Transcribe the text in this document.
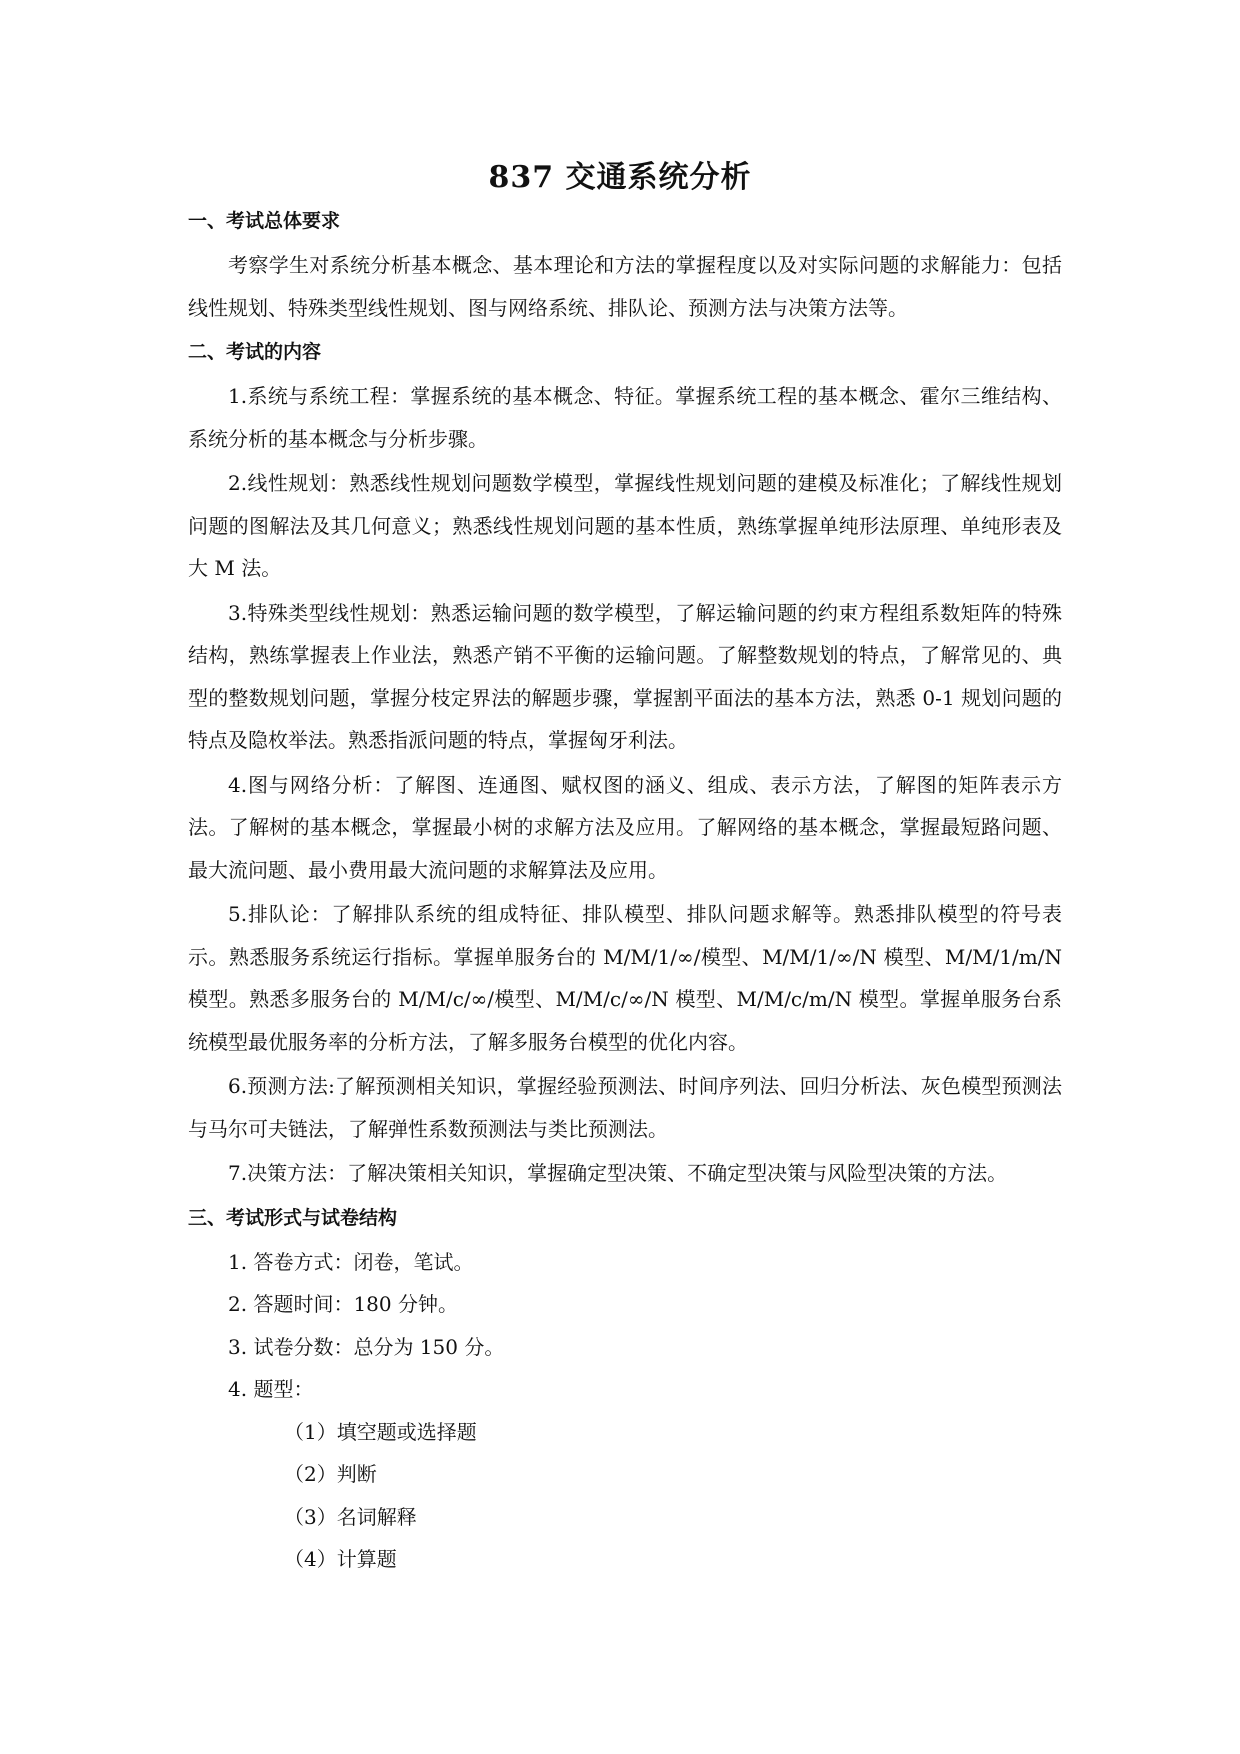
837 交通系统分析
一、考试总体要求

考察学生对系统分析基本概念、基本理论和方法的掌握程度以及对实际问题的求解能力：包括线性规划、特殊类型线性规划、图与网络系统、排队论、预测方法与决策方法等。

二、考试的内容

1.系统与系统工程：掌握系统的基本概念、特征。掌握系统工程的基本概念、霍尔三维结构、系统分析的基本概念与分析步骤。

2.线性规划：熟悉线性规划问题数学模型，掌握线性规划问题的建模及标准化；了解线性规划问题的图解法及其几何意义；熟悉线性规划问题的基本性质，熟练掌握单纯形法原理、单纯形表及大 M 法。

3.特殊类型线性规划：熟悉运输问题的数学模型，了解运输问题的约束方程组系数矩阵的特殊结构，熟练掌握表上作业法，熟悉产销不平衡的运输问题。了解整数规划的特点，了解常见的、典型的整数规划问题，掌握分枝定界法的解题步骤，掌握割平面法的基本方法，熟悉 0-1 规划问题的特点及隐枚举法。熟悉指派问题的特点，掌握匈牙利法。

4.图与网络分析：了解图、连通图、赋权图的涵义、组成、表示方法，了解图的矩阵表示方法。了解树的基本概念，掌握最小树的求解方法及应用。了解网络的基本概念，掌握最短路问题、最大流问题、最小费用最大流问题的求解算法及应用。

5.排队论：了解排队系统的组成特征、排队模型、排队问题求解等。熟悉排队模型的符号表示。熟悉服务系统运行指标。掌握单服务台的 M/M/1/∞/模型、M/M/1/∞/N 模型、M/M/1/m/N 模型。熟悉多服务台的 M/M/c/∞/模型、M/M/c/∞/N 模型、M/M/c/m/N 模型。掌握单服务台系统模型最优服务率的分析方法，了解多服务台模型的优化内容。

6.预测方法:了解预测相关知识，掌握经验预测法、时间序列法、回归分析法、灰色模型预测法与马尔可夫链法，了解弹性系数预测法与类比预测法。

7.决策方法：了解决策相关知识，掌握确定型决策、不确定型决策与风险型决策的方法。

三、考试形式与试卷结构

1. 答卷方式：闭卷，笔试。

2. 答题时间：180 分钟。

3. 试卷分数：总分为 150 分。

4. 题型：

（1）填空题或选择题

（2）判断

（3）名词解释

（4）计算题
